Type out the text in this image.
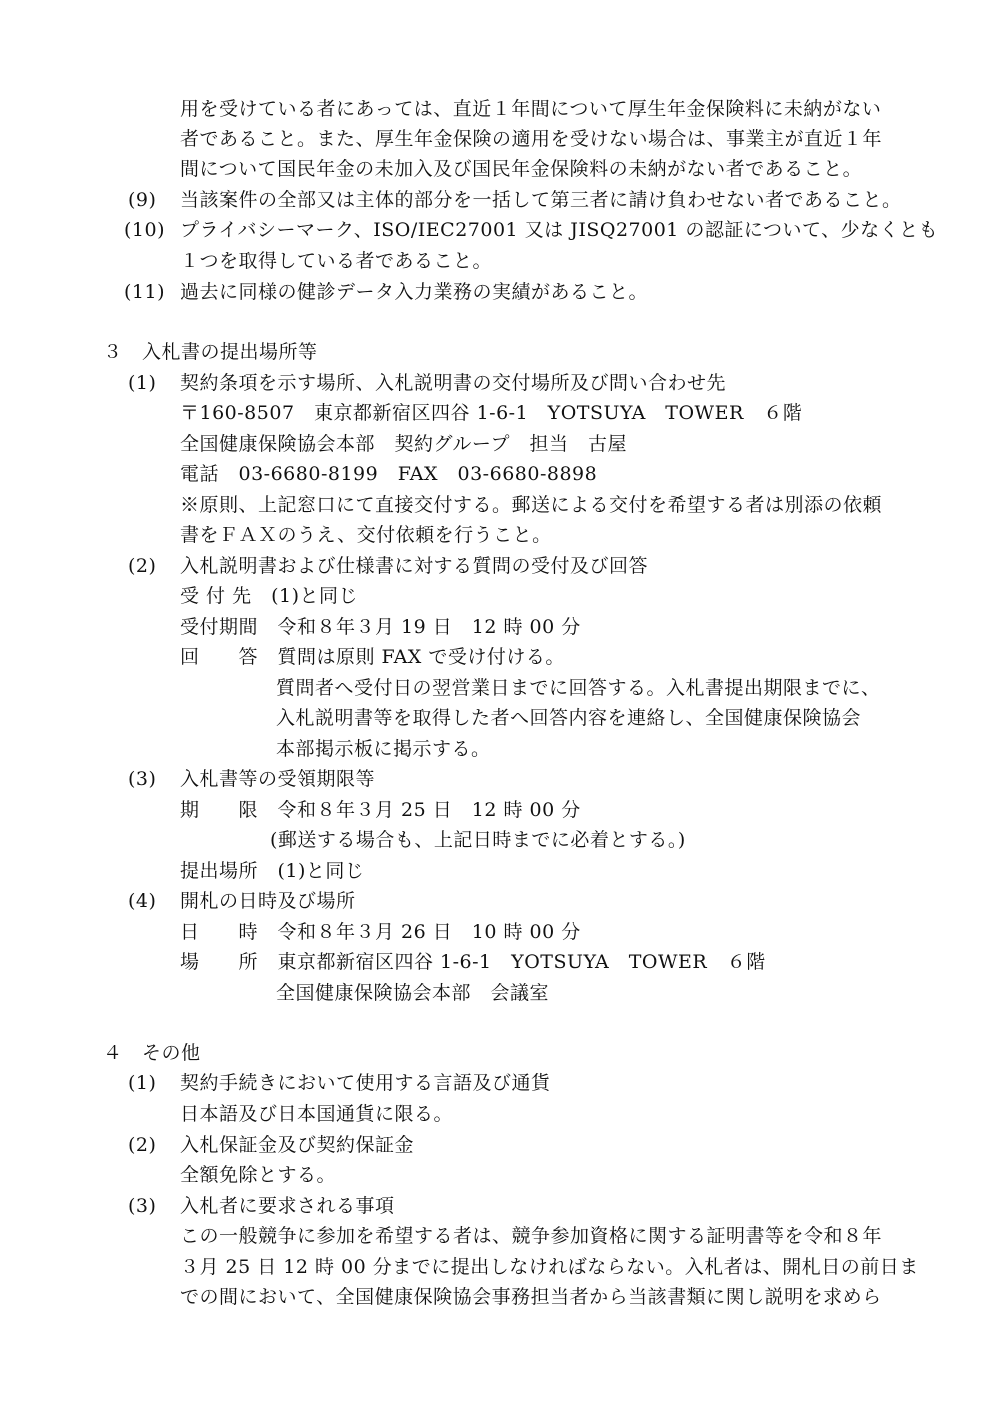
用を受けている者にあっては、直近１年間について厚生年金保険料に未納がない
者であること。また、厚生年金保険の適用を受けない場合は、事業主が直近１年
間について国民年金の未加入及び国民年金保険料の未納がない者であること。
(9) 当該案件の全部又は主体的部分を一括して第三者に請け負わせない者であること。
(10) プライバシーマーク、ISO/IEC27001 又は JISQ27001 の認証について、少なくとも
１つを取得している者であること。
(11) 過去に同様の健診データ入力業務の実績があること。
３　入札書の提出場所等
(1) 契約条項を示す場所、入札説明書の交付場所及び問い合わせ先
〒160-8507　東京都新宿区四谷 1-6-1　YOTSUYA　TOWER　６階
全国健康保険協会本部　契約グループ　担当　古屋
電話　03-6680-8199　FAX　03-6680-8898
※原則、上記窓口にて直接交付する。郵送による交付を希望する者は別添の依頼
書をＦＡＸのうえ、交付依頼を行うこと。
(2) 入札説明書および仕様書に対する質問の受付及び回答
受 付 先　(1)と同じ
受付期間　令和８年３月 19 日　12 時 00 分
回　　答　質問は原則 FAX で受け付ける。
質問者へ受付日の翌営業日までに回答する。入札書提出期限までに、
入札説明書等を取得した者へ回答内容を連絡し、全国健康保険協会
本部掲示板に掲示する。
(3) 入札書等の受領期限等
期　　限　令和８年３月 25 日　12 時 00 分
(郵送する場合も、上記日時までに必着とする。)
提出場所　(1)と同じ
(4) 開札の日時及び場所
日　　時　令和８年３月 26 日　10 時 00 分
場　　所　東京都新宿区四谷 1-6-1　YOTSUYA　TOWER　６階
全国健康保険協会本部　会議室
４　その他
(1) 契約手続きにおいて使用する言語及び通貨
日本語及び日本国通貨に限る。
(2) 入札保証金及び契約保証金
全額免除とする。
(3) 入札者に要求される事項
この一般競争に参加を希望する者は、競争参加資格に関する証明書等を令和８年
３月 25 日 12 時 00 分までに提出しなければならない。入札者は、開札日の前日ま
での間において、全国健康保険協会事務担当者から当該書類に関し説明を求めら
